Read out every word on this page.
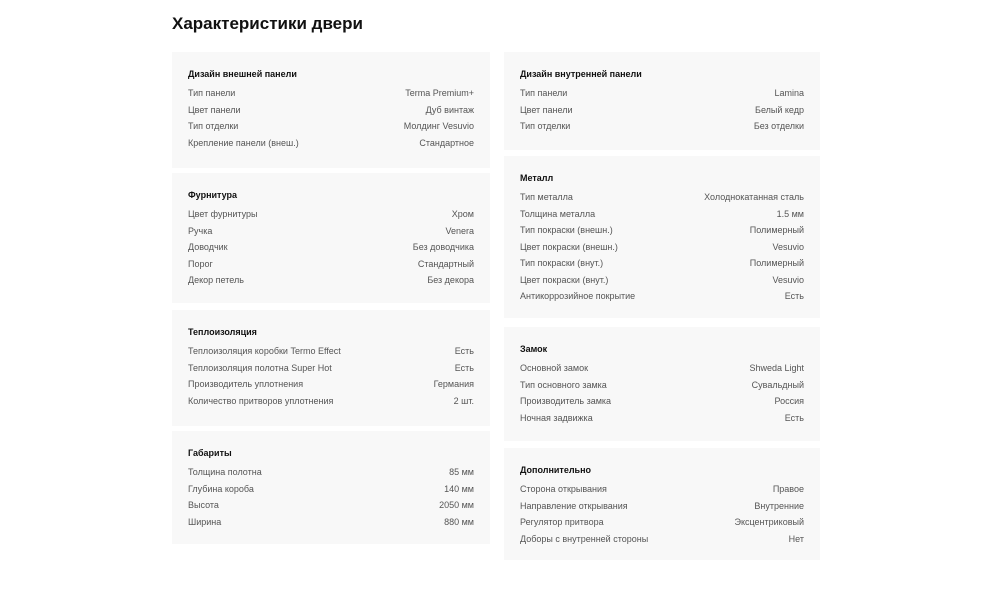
Характеристики двери
Дизайн внешней панели
Тип панели	Terma Premium+
Цвет панели	Дуб винтаж
Тип отделки	Молдинг Vesuvio
Крепление панели (внеш.)	Стандартное
Фурнитура
Цвет фурнитуры	Хром
Ручка	Venera
Доводчик	Без доводчика
Порог	Стандартный
Декор петель	Без декора
Теплоизоляция
Теплоизоляция коробки Termo Effect	Есть
Теплоизоляция полотна Super Hot	Есть
Производитель уплотнения	Германия
Количество притворов уплотнения	2 шт.
Габариты
Толщина полотна	85 мм
Глубина короба	140 мм
Высота	2050 мм
Ширина	880 мм
Дизайн внутренней панели
Тип панели	Lamina
Цвет панели	Белый кедр
Тип отделки	Без отделки
Металл
Тип металла	Холоднокатанная сталь
Толщина металла	1.5 мм
Тип покраски (внешн.)	Полимерный
Цвет покраски (внешн.)	Vesuvio
Тип покраски (внут.)	Полимерный
Цвет покраски (внут.)	Vesuvio
Антикоррозийное покрытие	Есть
Замок
Основной замок	Shweda Light
Тип основного замка	Сувальдный
Производитель замка	Россия
Ночная задвижка	Есть
Дополнительно
Сторона открывания	Правое
Направление открывания	Внутренние
Регулятор притвора	Эксцентриковый
Доборы с внутренней стороны	Нет
